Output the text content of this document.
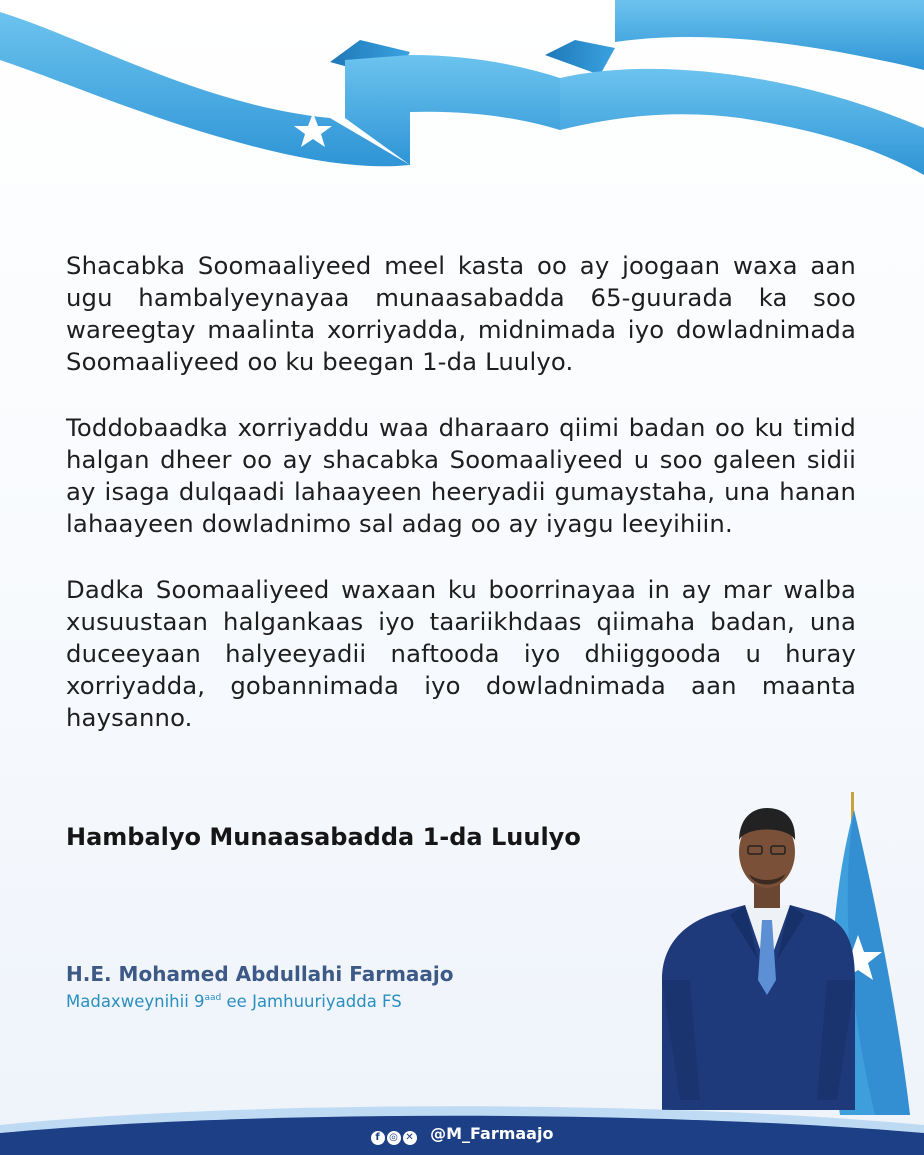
Shacabka Soomaaliyeed meel kasta oo ay joogaan waxa aan ugu hambalyeynayaa munaasabadda 65-guurada ka soo wareegtay maalinta xorriyadda, midnimada iyo dowladnimada Soomaaliyeed oo ku beegan 1-da Luulyo.

Toddobaadka xorriyaddu waa dharaaro qiimi badan oo ku timid halgan dheer oo ay shacabka Soomaaliyeed u soo galeen sidii ay isaga dulqaadi lahaayeen heeryadii gumaystaha, una hanan lahaayeen dowladnimo sal adag oo ay iyagu leeyihiin.

Dadka Soomaaliyeed waxaan ku boorrinayaa in ay mar walba xusuustaan halgankaas iyo taariikhdaas qiimaha badan, una duceeyaan halyeeyadii naftooda iyo dhiiggooda u huray xorriyadda, gobannimada iyo dowladnimada aan maanta haysanno.

Hambalyo Munaasabadda 1-da Luulyo

H.E. Mohamed Abdullahi Farmaajo

Madaxweynihii $9^{aad}$ ee Jamhuuriyadda FS

f ◎ ✕ @M_Farmaajo
